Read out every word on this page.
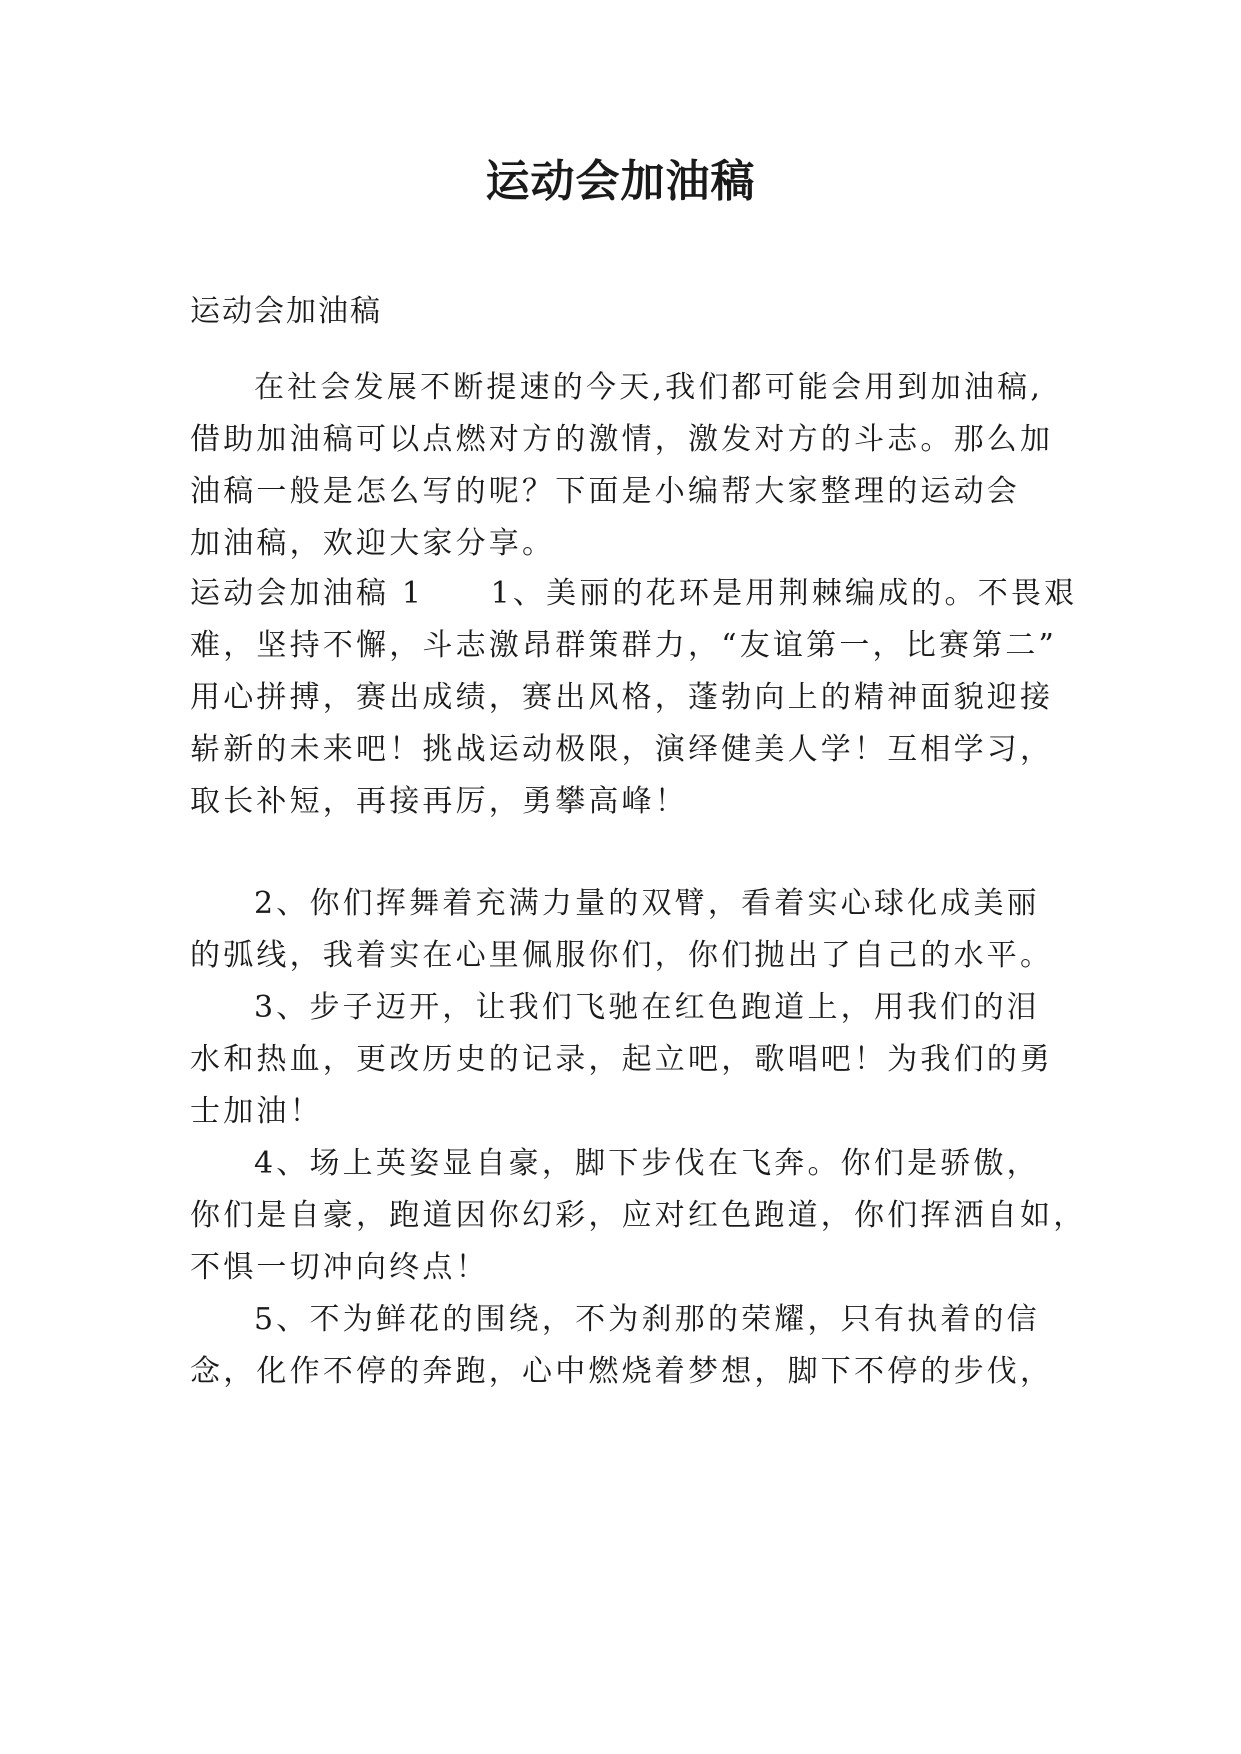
运动会加油稿
运动会加油稿
在社会发展不断提速的今天,我们都可能会用到加油稿,
借助加油稿可以点燃对方的激情，激发对方的斗志。那么加
油稿一般是怎么写的呢？下面是小编帮大家整理的运动会
加油稿，欢迎大家分享。
运动会加油稿 1　　1、美丽的花环是用荆棘编成的。不畏艰
难，坚持不懈，斗志激昂群策群力，“友谊第一，比赛第二”
用心拼搏，赛出成绩，赛出风格，蓬勃向上的精神面貌迎接
崭新的未来吧！挑战运动极限，演绎健美人学！互相学习，
取长补短，再接再厉，勇攀高峰！
2、你们挥舞着充满力量的双臂，看着实心球化成美丽
的弧线，我着实在心里佩服你们，你们抛出了自己的水平。
3、步子迈开，让我们飞驰在红色跑道上，用我们的泪
水和热血，更改历史的记录，起立吧，歌唱吧！为我们的勇
士加油！
4、场上英姿显自豪，脚下步伐在飞奔。你们是骄傲，
你们是自豪，跑道因你幻彩，应对红色跑道，你们挥洒自如，
不惧一切冲向终点！
5、不为鲜花的围绕，不为刹那的荣耀，只有执着的信
念，化作不停的奔跑，心中燃烧着梦想，脚下不停的步伐，
